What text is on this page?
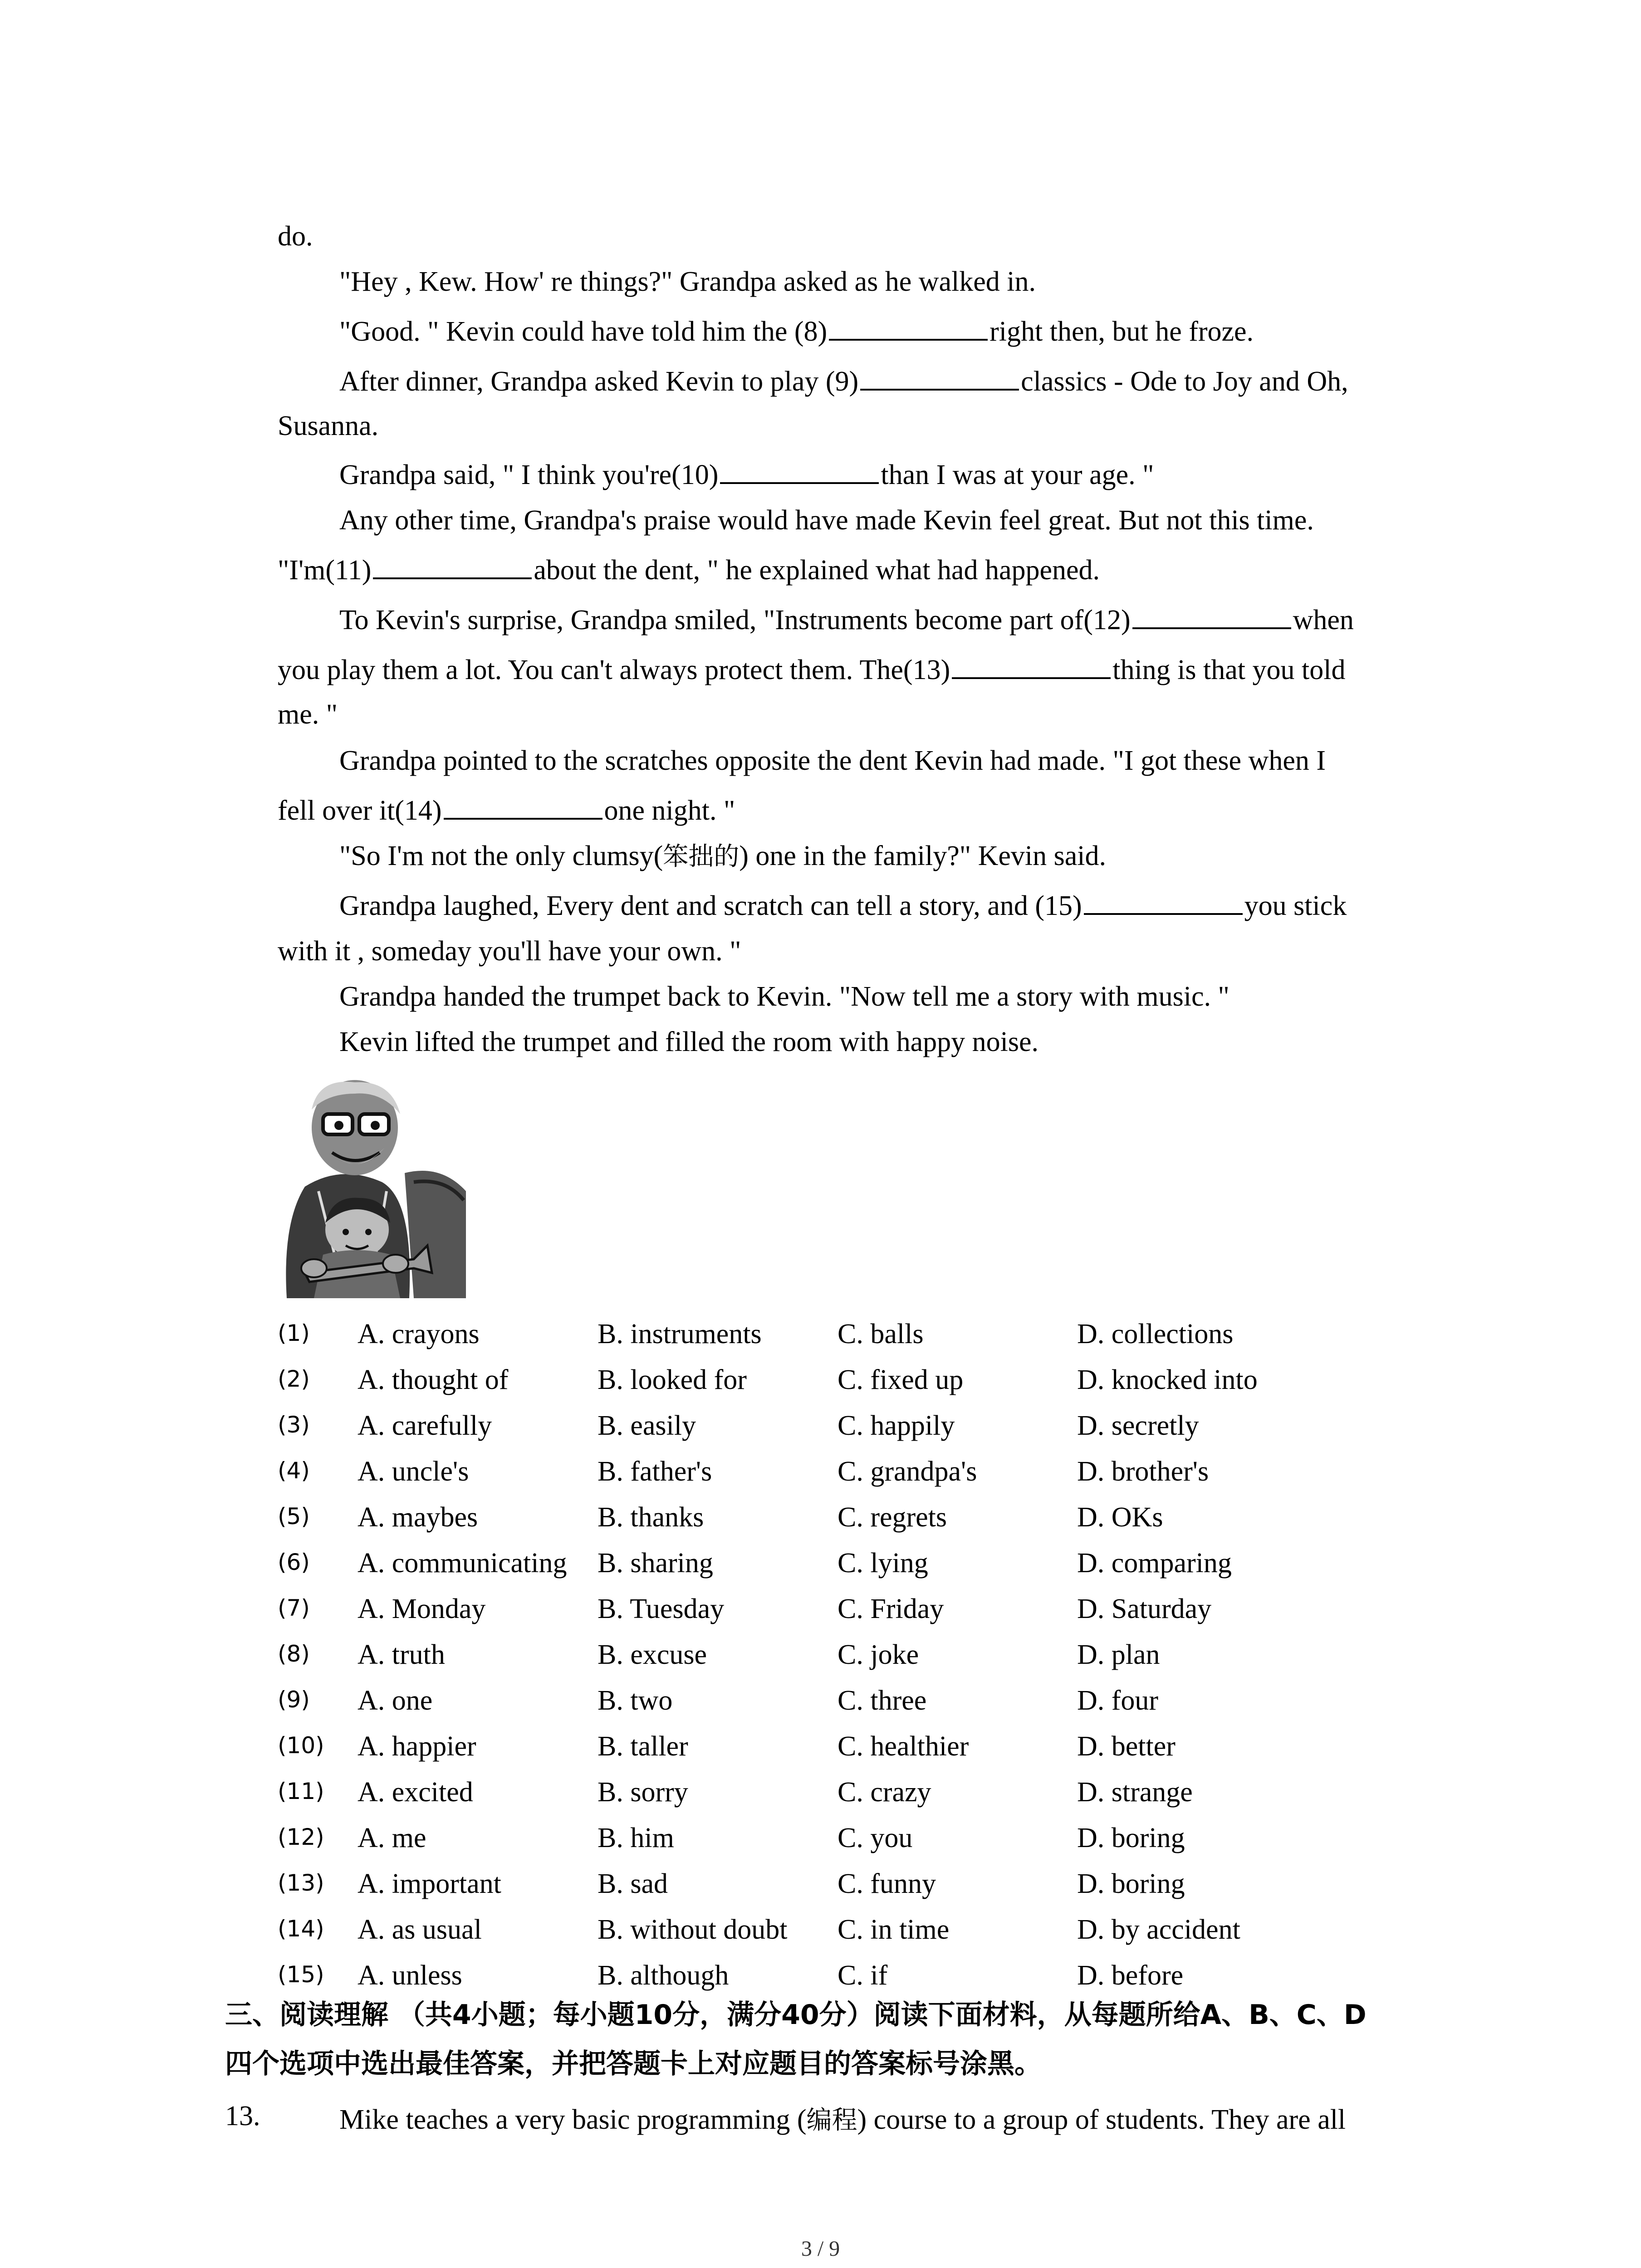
do.
"Hey , Kew. How' re things?" Grandpa asked as he walked in.
"Good. " Kevin could have told him the (8)	right then, but he froze.
After dinner, Grandpa asked Kevin to play (9)	classics - Ode to Joy and Oh,
Susanna.
Grandpa said, " I think you're(10)	than I was at your age. "
Any other time, Grandpa's praise would have made Kevin feel great. But not this time.
"I'm(11)	about the dent, " he explained what had happened.
To Kevin's surprise, Grandpa smiled, "Instruments become part of(12)	when
you play them a lot. You can't always protect them. The(13)	thing is that you told
me. "
Grandpa pointed to the scratches opposite the dent Kevin had made. "I got these when I
fell over it(14)	one night. "
"So I'm not the only clumsy(笨拙的) one in the family?" Kevin said.
Grandpa laughed, Every dent and scratch can tell a story, and (15)	you stick
with it , someday you'll have your own. "
Grandpa handed the trumpet back to Kevin. "Now tell me a story with music. "
Kevin lifted the trumpet and filled the room with happy noise.
(1) A. crayons	B. instruments	C. balls	D. collections
(2) A. thought of	B. looked for	C. fixed up	D. knocked into
(3) A. carefully	B. easily	C. happily	D. secretly
(4) A. uncle's	B. father's	C. grandpa's	D. brother's
(5) A. maybes	B. thanks	C. regrets	D. OKs
(6) A. communicating B. sharing	C. lying	D. comparing
(7) A. Monday	B. Tuesday	C. Friday	D. Saturday
(8) A. truth	B. excuse	C. joke	D. plan
(9) A. one	B. two	C. three	D. four
(10) A. happier	B. taller	C. healthier	D. better
(11) A. excited	B. sorry	C. crazy	D. strange
(12) A. me	B. him	C. you	D. boring
(13) A. important	B. sad	C. funny	D. boring
(14) A. as usual	B. without doubt C. in time	D. by accident
(15) A. unless	B. although	C. if	D. before
三、阅读理解 （共4小题；每小题10分，满分40分）阅读下面材料，从每题所给A、B、C、D
四个选项中选出最佳答案，并把答题卡上对应题目的答案标号涂黑。
13.	Mike teaches a very basic programming (编程) course to a group of students. They are all
3 / 9
